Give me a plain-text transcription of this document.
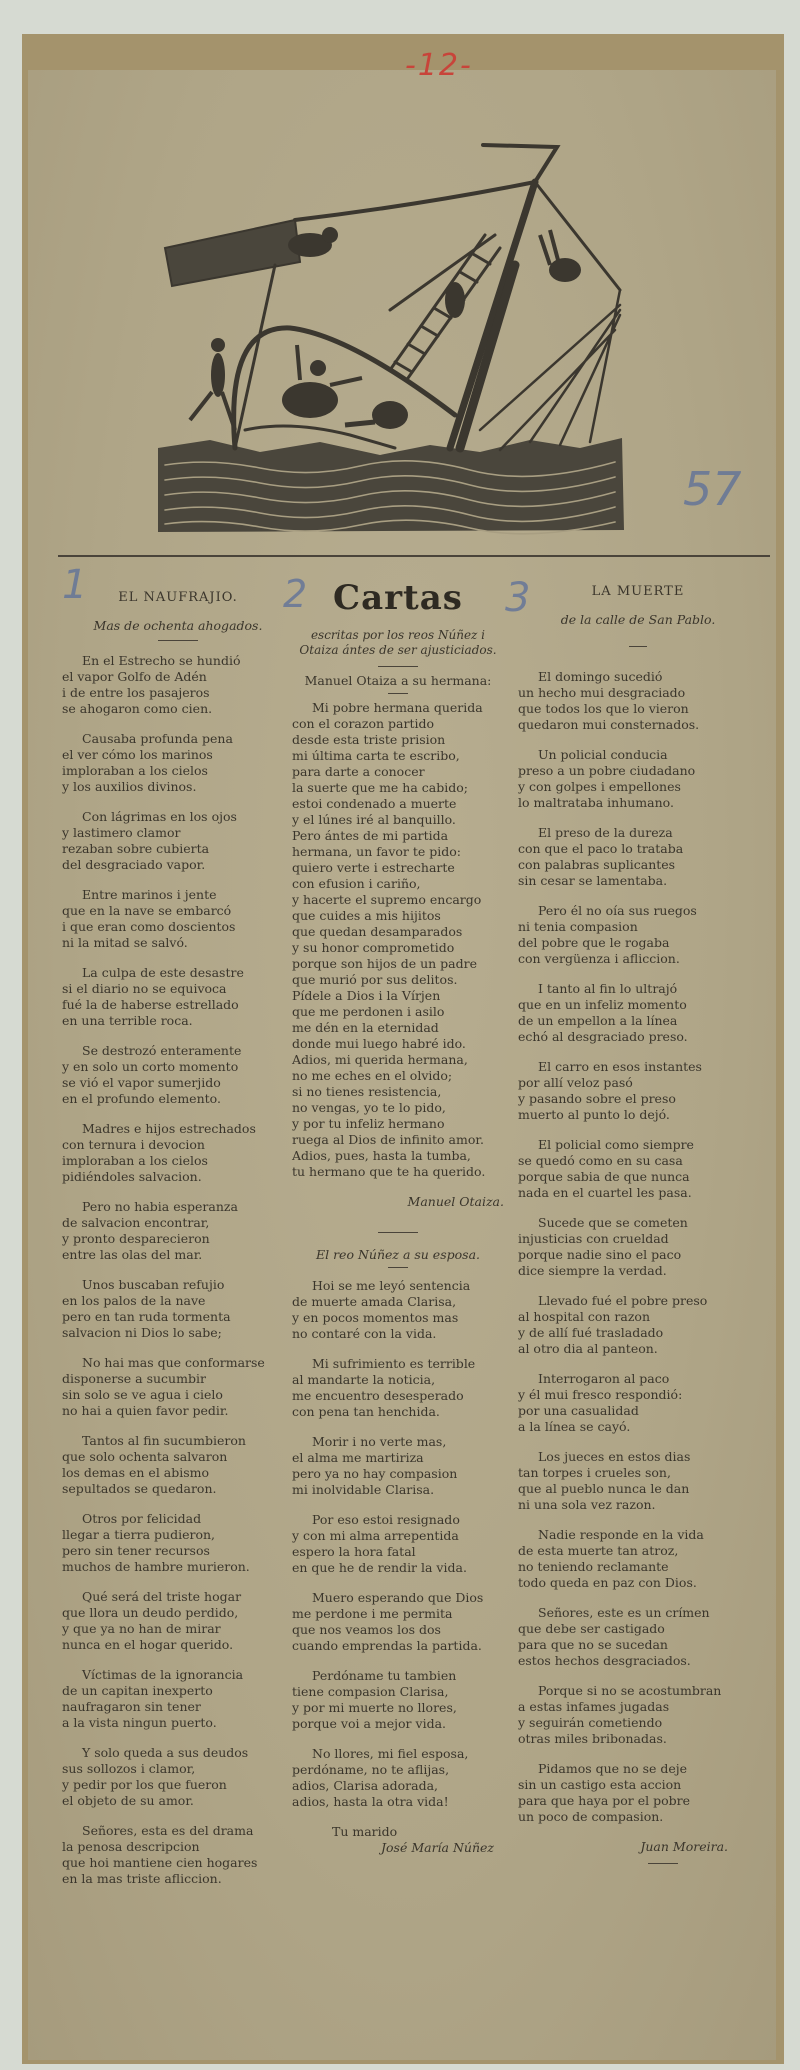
-12-
57
1	EL NAUFRAJIO.
Mas de ochenta ahogados.
En el Estrecho se hundió
el vapor Golfo de Adén
i de entre los pasajeros
se ahogaron como cien.
Causaba profunda pena
el ver cómo los marinos
imploraban a los cielos
y los auxilios divinos.
Con lágrimas en los ojos
y lastimero clamor
rezaban sobre cubierta
del desgraciado vapor.
Entre marinos i jente
que en la nave se embarcó
i que eran como doscientos
ni la mitad se salvó.
La culpa de este desastre
si el diario no se equivoca
fué la de haberse estrellado
en una terrible roca.
Se destrozó enteramente
y en solo un corto momento
se vió el vapor sumerjido
en el profundo elemento.
Madres e hijos estrechados
con ternura i devocion
imploraban a los cielos
pidiéndoles salvacion.
Pero no habia esperanza
de salvacion encontrar,
y pronto desparecieron
entre las olas del mar.
Unos buscaban refujio
en los palos de la nave
pero en tan ruda tormenta
salvacion ni Dios lo sabe;
No hai mas que conformarse
disponerse a sucumbir
sin solo se ve agua i cielo
no hai a quien favor pedir.
Tantos al fin sucumbieron
que solo ochenta salvaron
los demas en el abismo
sepultados se quedaron.
Otros por felicidad
llegar a tierra pudieron,
pero sin tener recursos
muchos de hambre murieron.
Qué será del triste hogar
que llora un deudo perdido,
y que ya no han de mirar
nunca en el hogar querido.
Víctimas de la ignorancia
de un capitan inexperto
naufragaron sin tener
a la vista ningun puerto.
Y solo queda a sus deudos
sus sollozos i clamor,
y pedir por los que fueron
el objeto de su amor.
Señores, esta es del drama
la penosa descripcion
que hoi mantiene cien hogares
en la mas triste afliccion.
2 Cartas
escritas por los reos Núñez i
Otaiza ántes de ser ajusticiados.
Manuel Otaiza a su hermana:
Mi pobre hermana querida
con el corazon partido
desde esta triste prision
mi última carta te escribo,
para darte a conocer
la suerte que me ha cabido;
estoi condenado a muerte
y el lúnes iré al banquillo.
Pero ántes de mi partida
hermana, un favor te pido:
quiero verte i estrecharte
con efusion i cariño,
y hacerte el supremo encargo
que cuides a mis hijitos
que quedan desamparados
y su honor comprometido
porque son hijos de un padre
que murió por sus delitos.
Pídele a Dios i la Vírjen
que me perdonen i asilo
me dén en la eternidad
donde mui luego habré ido.
Adios, mi querida hermana,
no me eches en el olvido;
si no tienes resistencia,
no vengas, yo te lo pido,
y por tu infeliz hermano
ruega al Dios de infinito amor.
Adios, pues, hasta la tumba,
tu hermano que te ha querido.
Manuel Otaiza.
El reo Núñez a su esposa.
Hoi se me leyó sentencia
de muerte amada Clarisa,
y en pocos momentos mas
no contaré con la vida.
Mi sufrimiento es terrible
al mandarte la noticia,
me encuentro desesperado
con pena tan henchida.
Morir i no verte mas,
el alma me martiriza
pero ya no hay compasion
mi inolvidable Clarisa.
Por eso estoi resignado
y con mi alma arrepentida
espero la hora fatal
en que he de rendir la vida.
Muero esperando que Dios
me perdone i me permita
que nos veamos los dos
cuando emprendas la partida.
Perdóname tu tambien
tiene compasion Clarisa,
y por mi muerte no llores,
porque voi a mejor vida.
No llores, mi fiel esposa,
perdóname, no te aflijas,
adios, Clarisa adorada,
adios, hasta la otra vida!
Tu marido
José María Núñez
3	LA MUERTE
de la calle de San Pablo.
El domingo sucedió
un hecho mui desgraciado
que todos los que lo vieron
quedaron mui consternados.
Un policial conducia
preso a un pobre ciudadano
y con golpes i empellones
lo maltrataba inhumano.
El preso de la dureza
con que el paco lo trataba
con palabras suplicantes
sin cesar se lamentaba.
Pero él no oía sus ruegos
ni tenia compasion
del pobre que le rogaba
con vergüenza i afliccion.
I tanto al fin lo ultrajó
que en un infeliz momento
de un empellon a la línea
echó al desgraciado preso.
El carro en esos instantes
por allí veloz pasó
y pasando sobre el preso
muerto al punto lo dejó.
El policial como siempre
se quedó como en su casa
porque sabia de que nunca
nada en el cuartel les pasa.
Sucede que se cometen
injusticias con crueldad
porque nadie sino el paco
dice siempre la verdad.
Llevado fué el pobre preso
al hospital con razon
y de allí fué trasladado
al otro dia al panteon.
Interrogaron al paco
y él mui fresco respondió:
por una casualidad
a la línea se cayó.
Los jueces en estos dias
tan torpes i crueles son,
que al pueblo nunca le dan
ni una sola vez razon.
Nadie responde en la vida
de esta muerte tan atroz,
no teniendo reclamante
todo queda en paz con Dios.
Señores, este es un crímen
que debe ser castigado
para que no se sucedan
estos hechos desgraciados.
Porque si no se acostumbran
a estas infames jugadas
y seguirán cometiendo
otras miles bribonadas.
Pidamos que no se deje
sin un castigo esta accion
para que haya por el pobre
un poco de compasion.
Juan Moreira.
